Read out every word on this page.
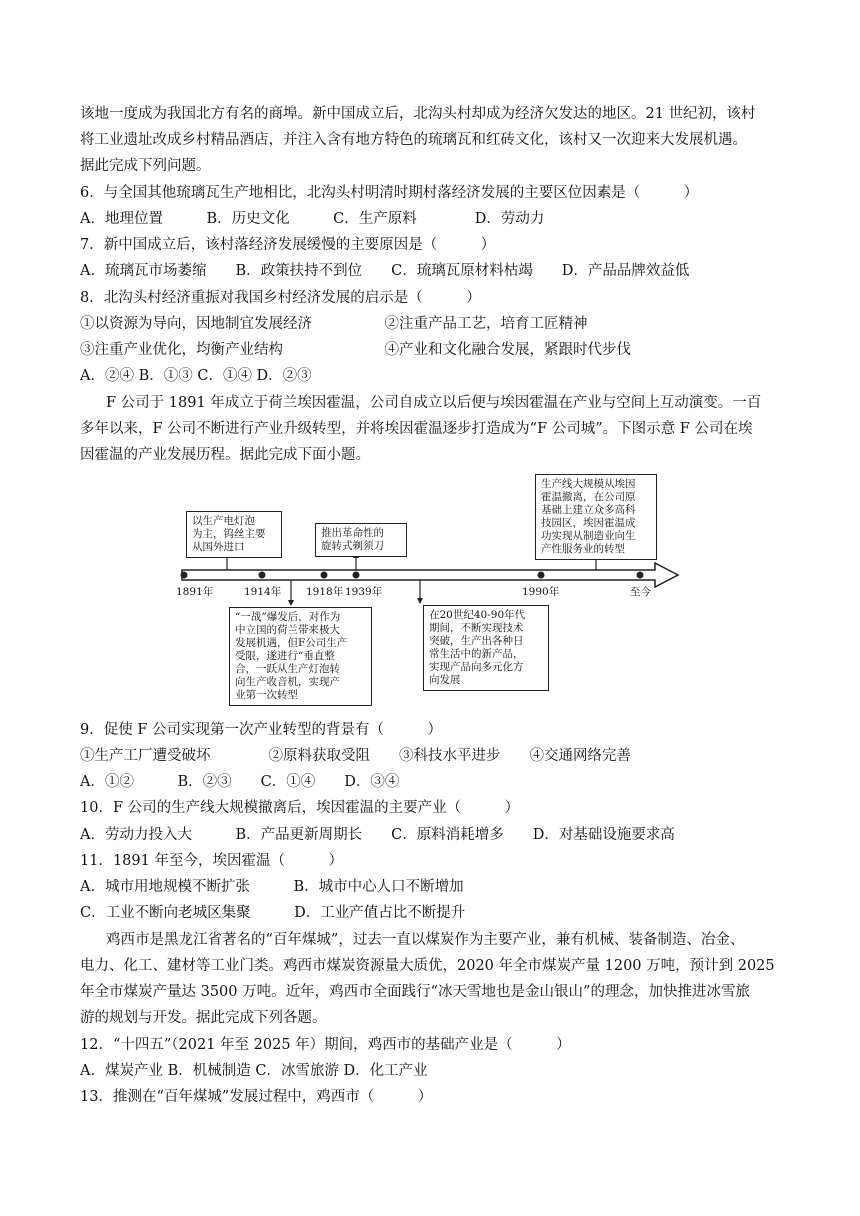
该地一度成为我国北方有名的商埠。新中国成立后，北沟头村却成为经济欠发达的地区。21 世纪初，该村
将工业遗址改成乡村精品酒店，并注入含有地方特色的琉璃瓦和红砖文化，该村又一次迎来大发展机遇。
据此完成下列问题。
6．与全国其他琉璃瓦生产地相比，北沟头村明清时期村落经济发展的主要区位因素是（　　　）
A．地理位置　　　B．历史文化　　　C．生产原料　　　　D．劳动力
7．新中国成立后，该村落经济发展缓慢的主要原因是（　　　）
A．琉璃瓦市场萎缩　　B．政策扶持不到位　　C．琉璃瓦原材料枯竭　　D．产品品牌效益低
8．北沟头村经济重振对我国乡村经济发展的启示是（　　　）
①以资源为导向，因地制宜发展经济　　　　　②注重产品工艺，培育工匠精神
③注重产业优化，均衡产业结构　　　　　　　④产业和文化融合发展，紧跟时代步伐
A．②④ B．①③ C．①④ D．②③
F 公司于 1891 年成立于荷兰埃因霍温，公司自成立以后便与埃因霍温在产业与空间上互动演变。一百
多年以来，F 公司不断进行产业升级转型，并将埃因霍温逐步打造成为“F 公司城”。下图示意 F 公司在埃
因霍温的产业发展历程。据此完成下面小题。
1891年	1914年 1918年 1939年	1990年	至今
以生产电灯泡
为主，钨丝主要
从国外进口
推出革命性的
旋转式剃须刀
生产线大规模从埃因
霍温撤离，在公司原
基础上建立众多高科
技园区，埃因霍温成
功实现从制造业向生
产性服务业的转型
“一战”爆发后，对作为
中立国的荷兰带来极大
发展机遇，但F公司生产
受限，遂进行“垂直整
合，一跃从生产灯泡转
向生产收音机，实现产
业第一次转型
在20世纪40-90年代
期间，不断实现技术
突破，生产出各种日
常生活中的新产品，
实现产品向多元化方
向发展
9．促使 F 公司实现第一次产业转型的背景有（　　　）
①生产工厂遭受破坏　　　　②原料获取受阻　　③科技水平进步　　④交通网络完善
A．①②　　　B．②③　　C．①④　　D．③④
10．F 公司的生产线大规模撤离后，埃因霍温的主要产业（　　　）
A．劳动力投入大　　　B．产品更新周期长　　C．原料消耗增多　　D．对基础设施要求高
11．1891 年至今，埃因霍温（　　　）
A．城市用地规模不断扩张　　　B．城市中心人口不断增加
C．工业不断向老城区集聚　　　D．工业产值占比不断提升
鸡西市是黑龙江省著名的“百年煤城”，过去一直以煤炭作为主要产业，兼有机械、装备制造、冶金、
电力、化工、建材等工业门类。鸡西市煤炭资源量大质优，2020 年全市煤炭产量 1200 万吨，预计到 2025
年全市煤炭产量达 3500 万吨。近年，鸡西市全面践行“冰天雪地也是金山银山”的理念，加快推进冰雪旅
游的规划与开发。据此完成下列各题。
12．“十四五”（2021 年至 2025 年）期间，鸡西市的基础产业是（　　　）
A．煤炭产业 B．机械制造 C．冰雪旅游 D．化工产业
13．推测在“百年煤城”发展过程中，鸡西市（　　　）
